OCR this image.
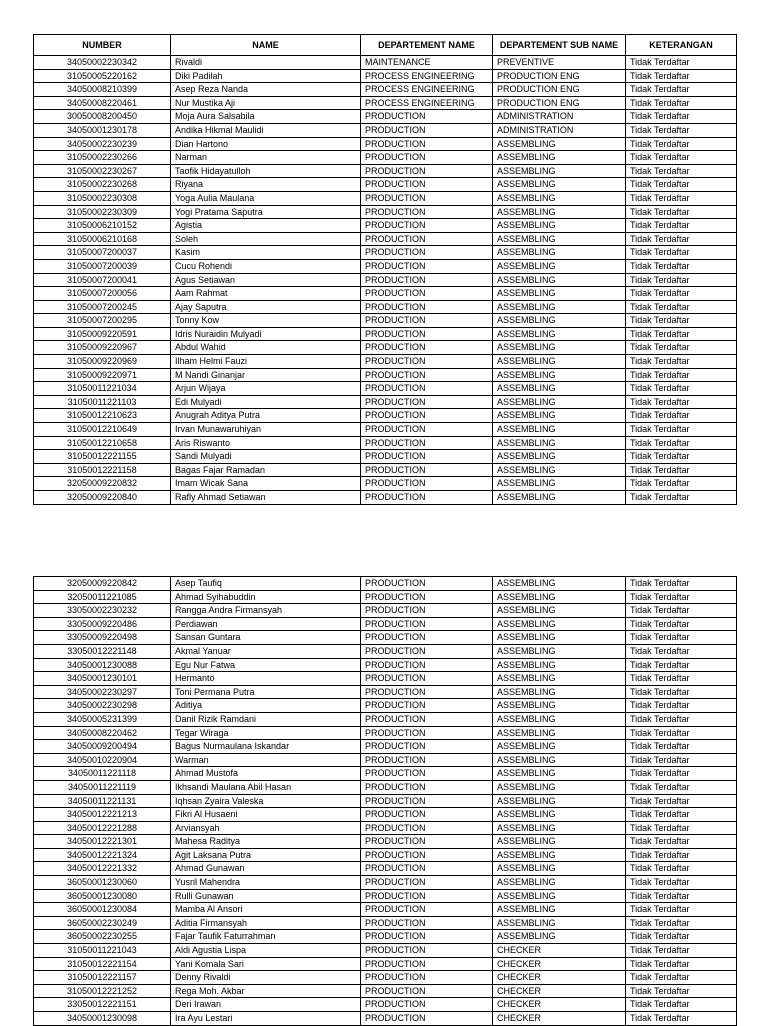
NUMBER	NAME	DEPARTEMENT NAME	DEPARTEMENT SUB NAME	KETERANGAN
34050002230342	Rivaldi	MAINTENANCE	PREVENTIVE	Tidak Terdaftar
31050005220162	Diki Padilah	PROCESS ENGINEERING	PRODUCTION ENG	Tidak Terdaftar
34050008210399	Asep Reza Nanda	PROCESS ENGINEERING	PRODUCTION ENG	Tidak Terdaftar
34050008220461	Nur Mustika Aji	PROCESS ENGINEERING	PRODUCTION ENG	Tidak Terdaftar
30050008200450	Moja Aura Salsabila	PRODUCTION	ADMINISTRATION	Tidak Terdaftar
34050001230178	Andika Hikmal Maulidi	PRODUCTION	ADMINISTRATION	Tidak Terdaftar
34050002230239	Dian Hartono	PRODUCTION	ASSEMBLING	Tidak Terdaftar
31050002230266	Narman	PRODUCTION	ASSEMBLING	Tidak Terdaftar
31050002230267	Taofik Hidayatulloh	PRODUCTION	ASSEMBLING	Tidak Terdaftar
31050002230268	Riyana	PRODUCTION	ASSEMBLING	Tidak Terdaftar
31050002230308	Yoga Aulia Maulana	PRODUCTION	ASSEMBLING	Tidak Terdaftar
31050002230309	Yogi Pratama Saputra	PRODUCTION	ASSEMBLING	Tidak Terdaftar
31050006210152	Agistia	PRODUCTION	ASSEMBLING	Tidak Terdaftar
31050006210168	Soleh	PRODUCTION	ASSEMBLING	Tidak Terdaftar
31050007200037	Kasim	PRODUCTION	ASSEMBLING	Tidak Terdaftar
31050007200039	Cucu Rohendi	PRODUCTION	ASSEMBLING	Tidak Terdaftar
31050007200041	Agus Setiawan	PRODUCTION	ASSEMBLING	Tidak Terdaftar
31050007200056	Aam Rahmat	PRODUCTION	ASSEMBLING	Tidak Terdaftar
31050007200245	Ajay Saputra	PRODUCTION	ASSEMBLING	Tidak Terdaftar
31050007200295	Tonny Kow	PRODUCTION	ASSEMBLING	Tidak Terdaftar
31050009220591	Idris Nuraidin Mulyadi	PRODUCTION	ASSEMBLING	Tidak Terdaftar
31050009220967	Abdul Wahid	PRODUCTION	ASSEMBLING	Tidak Terdaftar
31050009220969	Ilham Helmi Fauzi	PRODUCTION	ASSEMBLING	Tidak Terdaftar
31050009220971	M Nandi Ginanjar	PRODUCTION	ASSEMBLING	Tidak Terdaftar
31050011221034	Arjun Wijaya	PRODUCTION	ASSEMBLING	Tidak Terdaftar
31050011221103	Edi Mulyadi	PRODUCTION	ASSEMBLING	Tidak Terdaftar
31050012210623	Anugrah Aditya Putra	PRODUCTION	ASSEMBLING	Tidak Terdaftar
31050012210649	Irvan Munawaruhiyan	PRODUCTION	ASSEMBLING	Tidak Terdaftar
31050012210658	Aris Riswanto	PRODUCTION	ASSEMBLING	Tidak Terdaftar
31050012221155	Sandi Mulyadi	PRODUCTION	ASSEMBLING	Tidak Terdaftar
31050012221158	Bagas Fajar Ramadan	PRODUCTION	ASSEMBLING	Tidak Terdaftar
32050009220832	Imam Wicak Sana	PRODUCTION	ASSEMBLING	Tidak Terdaftar
32050009220840	Rafly Ahmad Setiawan	PRODUCTION	ASSEMBLING	Tidak Terdaftar
32050009220842	Asep Taufiq	PRODUCTION	ASSEMBLING	Tidak Terdaftar
32050011221085	Ahmad Syihabuddin	PRODUCTION	ASSEMBLING	Tidak Terdaftar
33050002230232	Rangga Andra Firmansyah	PRODUCTION	ASSEMBLING	Tidak Terdaftar
33050009220486	Perdiawan	PRODUCTION	ASSEMBLING	Tidak Terdaftar
33050009220498	Sansan Guntara	PRODUCTION	ASSEMBLING	Tidak Terdaftar
33050012221148	Akmal Yanuar	PRODUCTION	ASSEMBLING	Tidak Terdaftar
34050001230088	Egu Nur Fatwa	PRODUCTION	ASSEMBLING	Tidak Terdaftar
34050001230101	Hermanto	PRODUCTION	ASSEMBLING	Tidak Terdaftar
34050002230297	Toni Permana Putra	PRODUCTION	ASSEMBLING	Tidak Terdaftar
34050002230298	Aditiya	PRODUCTION	ASSEMBLING	Tidak Terdaftar
34050005231399	Danil Rizik Ramdani	PRODUCTION	ASSEMBLING	Tidak Terdaftar
34050008220462	Tegar Wiraga	PRODUCTION	ASSEMBLING	Tidak Terdaftar
34050009200494	Bagus Nurmaulana Iskandar	PRODUCTION	ASSEMBLING	Tidak Terdaftar
34050010220904	Warman	PRODUCTION	ASSEMBLING	Tidak Terdaftar
34050011221118	Ahmad Mustofa	PRODUCTION	ASSEMBLING	Tidak Terdaftar
34050011221119	Ikhsandi Maulana Abil Hasan	PRODUCTION	ASSEMBLING	Tidak Terdaftar
34050011221131	Iqhsan Zyaira Valeska	PRODUCTION	ASSEMBLING	Tidak Terdaftar
34050012221213	Fikri Al Husaeni	PRODUCTION	ASSEMBLING	Tidak Terdaftar
34050012221288	Arviansyah	PRODUCTION	ASSEMBLING	Tidak Terdaftar
34050012221301	Mahesa Raditya	PRODUCTION	ASSEMBLING	Tidak Terdaftar
34050012221324	Agit Laksana Putra	PRODUCTION	ASSEMBLING	Tidak Terdaftar
34050012221332	Ahmad Gunawan	PRODUCTION	ASSEMBLING	Tidak Terdaftar
36050001230060	Yusril Mahendra	PRODUCTION	ASSEMBLING	Tidak Terdaftar
36050001230080	Rulli Gunawan	PRODUCTION	ASSEMBLING	Tidak Terdaftar
36050001230084	Mamba Al Ansori	PRODUCTION	ASSEMBLING	Tidak Terdaftar
36050002230249	Aditia Firmansyah	PRODUCTION	ASSEMBLING	Tidak Terdaftar
36050002230255	Fajar Taufik Faturrahman	PRODUCTION	ASSEMBLING	Tidak Terdaftar
31050011221043	Aldi Agustia Lispa	PRODUCTION	CHECKER	Tidak Terdaftar
31050012221154	Yani Komala Sari	PRODUCTION	CHECKER	Tidak Terdaftar
31050012221157	Denny Rivaldi	PRODUCTION	CHECKER	Tidak Terdaftar
31050012221252	Rega Moh. Akbar	PRODUCTION	CHECKER	Tidak Terdaftar
33050012221151	Deri Irawan	PRODUCTION	CHECKER	Tidak Terdaftar
34050001230098	Ira Ayu Lestari	PRODUCTION	CHECKER	Tidak Terdaftar
